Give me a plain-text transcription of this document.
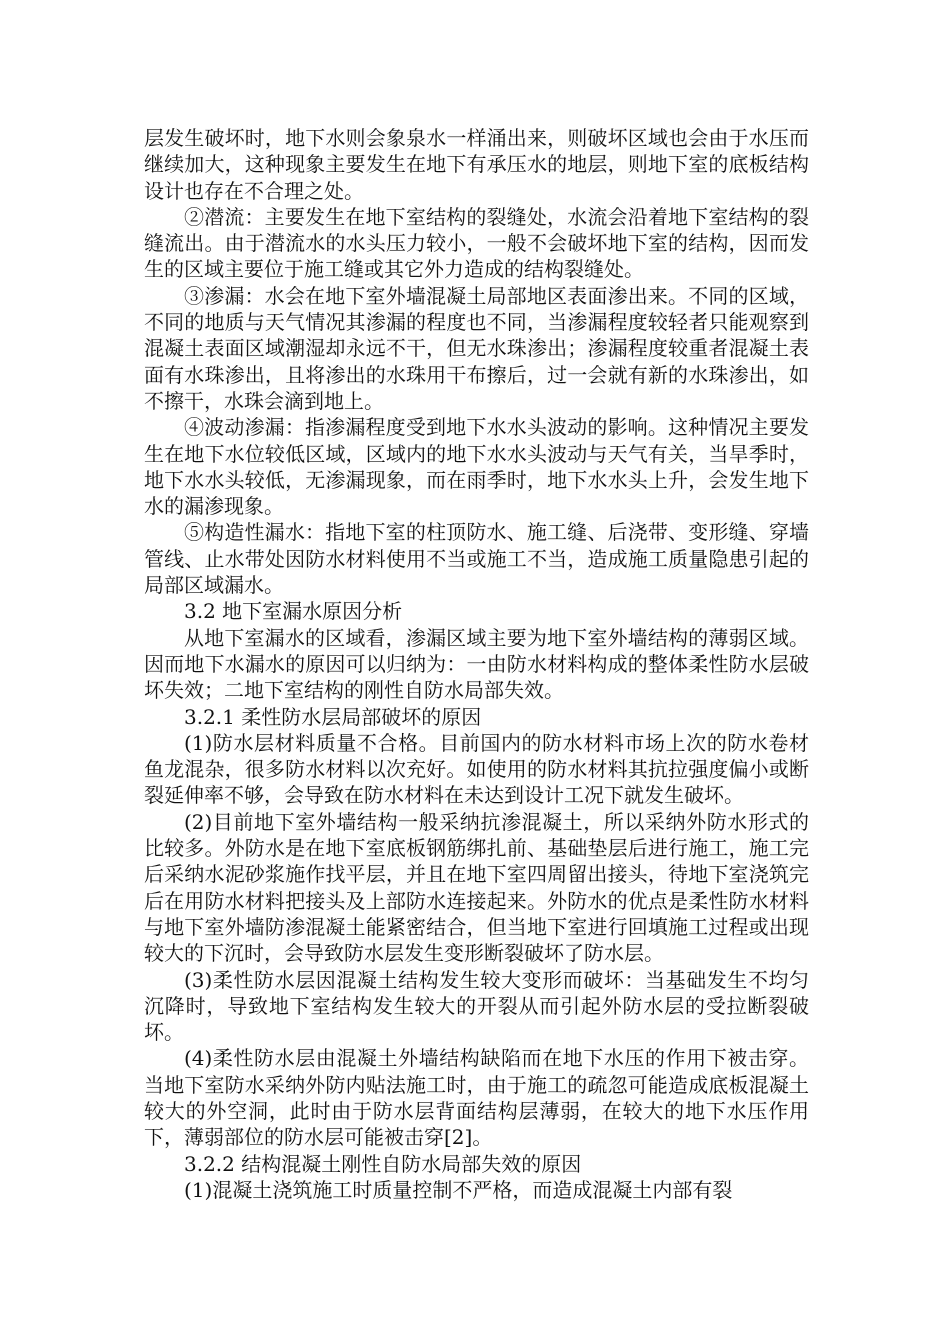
层发生破坏时，地下水则会象泉水一样涌出来，则破坏区域也会由于水压而继续加大，这种现象主要发生在地下有承压水的地层，则地下室的底板结构设计也存在不合理之处。

②潜流：主要发生在地下室结构的裂缝处，水流会沿着地下室结构的裂缝流出。由于潜流水的水头压力较小，一般不会破坏地下室的结构，因而发生的区域主要位于施工缝或其它外力造成的结构裂缝处。

③渗漏：水会在地下室外墙混凝土局部地区表面渗出来。不同的区域，不同的地质与天气情况其渗漏的程度也不同，当渗漏程度较轻者只能观察到混凝土表面区域潮湿却永远不干，但无水珠渗出；渗漏程度较重者混凝土表面有水珠渗出，且将渗出的水珠用干布擦后，过一会就有新的水珠渗出，如不擦干，水珠会滴到地上。

④波动渗漏：指渗漏程度受到地下水水头波动的影响。这种情况主要发生在地下水位较低区域，区域内的地下水水头波动与天气有关，当旱季时，地下水水头较低，无渗漏现象，而在雨季时，地下水水头上升，会发生地下水的漏渗现象。

⑤构造性漏水：指地下室的柱顶防水、施工缝、后浇带、变形缝、穿墙管线、止水带处因防水材料使用不当或施工不当，造成施工质量隐患引起的局部区域漏水。

3.2 地下室漏水原因分析

从地下室漏水的区域看，渗漏区域主要为地下室外墙结构的薄弱区域。因而地下水漏水的原因可以归纳为：一由防水材料构成的整体柔性防水层破坏失效；二地下室结构的刚性自防水局部失效。

3.2.1 柔性防水层局部破坏的原因

(1)防水层材料质量不合格。目前国内的防水材料市场上次的防水卷材鱼龙混杂，很多防水材料以次充好。如使用的防水材料其抗拉强度偏小或断裂延伸率不够，会导致在防水材料在未达到设计工况下就发生破坏。

(2)目前地下室外墙结构一般采纳抗渗混凝土，所以采纳外防水形式的比较多。外防水是在地下室底板钢筋绑扎前、基础垫层后进行施工，施工完后采纳水泥砂浆施作找平层，并且在地下室四周留出接头，待地下室浇筑完后在用防水材料把接头及上部防水连接起来。外防水的优点是柔性防水材料与地下室外墙防渗混凝土能紧密结合，但当地下室进行回填施工过程或出现较大的下沉时，会导致防水层发生变形断裂破坏了防水层。

(3)柔性防水层因混凝土结构发生较大变形而破坏：当基础发生不均匀沉降时，导致地下室结构发生较大的开裂从而引起外防水层的受拉断裂破坏。

(4)柔性防水层由混凝土外墙结构缺陷而在地下水压的作用下被击穿。当地下室防水采纳外防内贴法施工时，由于施工的疏忽可能造成底板混凝土较大的外空洞，此时由于防水层背面结构层薄弱，在较大的地下水压作用下，薄弱部位的防水层可能被击穿[2]。

3.2.2 结构混凝土刚性自防水局部失效的原因

(1)混凝土浇筑施工时质量控制不严格，而造成混凝土内部有裂
